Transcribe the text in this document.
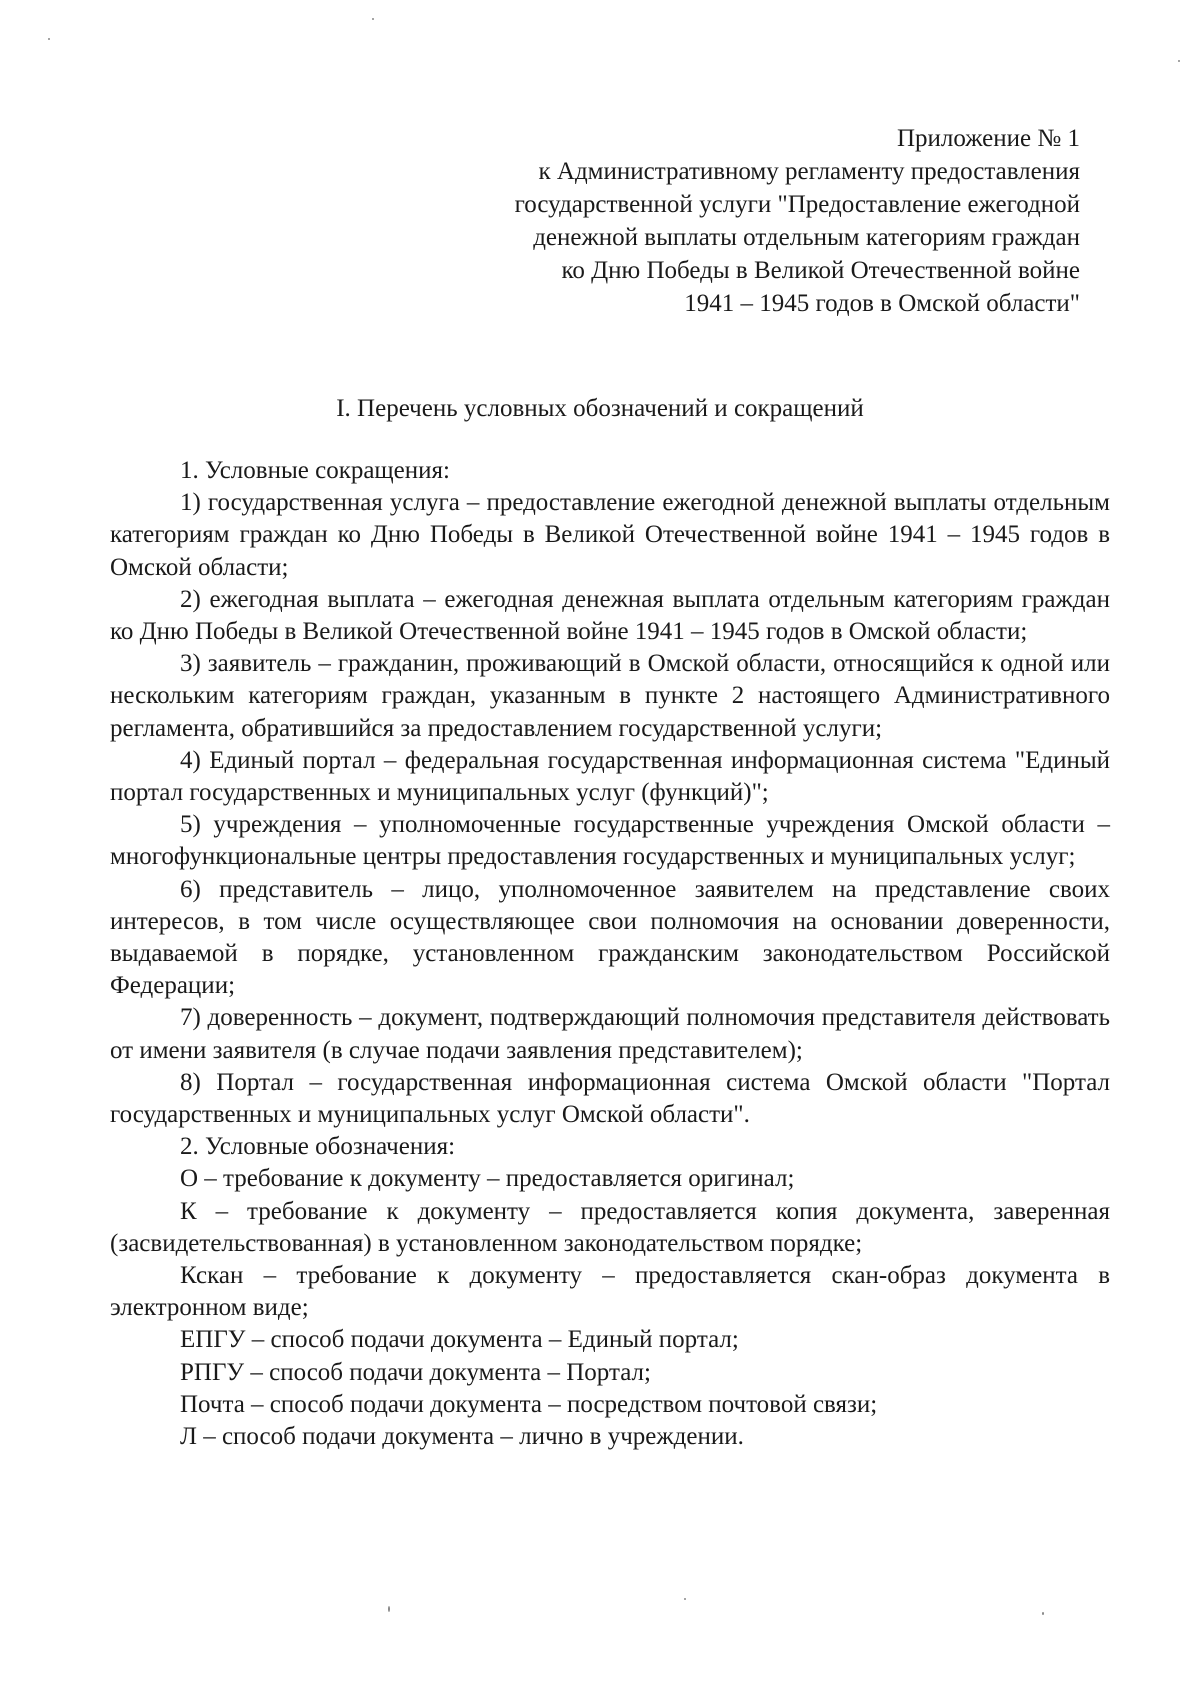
Приложение № 1
к Административному регламенту предоставления
государственной услуги "Предоставление ежегодной
денежной выплаты отдельным категориям граждан
ко Дню Победы в Великой Отечественной войне
1941 – 1945 годов в Омской области"
I. Перечень условных обозначений и сокращений

1. Условные сокращения:

1) государственная услуга – предоставление ежегодной денежной выплаты отдельным категориям граждан ко Дню Победы в Великой Отечественной войне 1941 – 1945 годов в Омской области;

2) ежегодная выплата – ежегодная денежная выплата отдельным категориям граждан ко Дню Победы в Великой Отечественной войне 1941 – 1945 годов в Омской области;

3) заявитель – гражданин, проживающий в Омской области, относящийся к одной или нескольким категориям граждан, указанным в пункте 2 настоящего Административного регламента, обратившийся за предоставлением государственной услуги;

4) Единый портал – федеральная государственная информационная система "Единый портал государственных и муниципальных услуг (функций)";

5) учреждения – уполномоченные государственные учреждения Омской области – многофункциональные центры предоставления государственных и муниципальных услуг;

6) представитель – лицо, уполномоченное заявителем на представление своих интересов, в том числе осуществляющее свои полномочия на основании доверенности, выдаваемой в порядке, установленном гражданским законодательством Российской Федерации;

7) доверенность – документ, подтверждающий полномочия представителя действовать от имени заявителя (в случае подачи заявления представителем);

8) Портал – государственная информационная система Омской области "Портал государственных и муниципальных услуг Омской области".

2. Условные обозначения:

О – требование к документу – предоставляется оригинал;

К – требование к документу – предоставляется копия документа, заверенная (засвидетельствованная) в установленном законодательством порядке;

Кскан – требование к документу – предоставляется скан-образ документа в электронном виде;

ЕПГУ – способ подачи документа – Единый портал;

РПГУ – способ подачи документа – Портал;

Почта – способ подачи документа – посредством почтовой связи;

Л – способ подачи документа – лично в учреждении.
